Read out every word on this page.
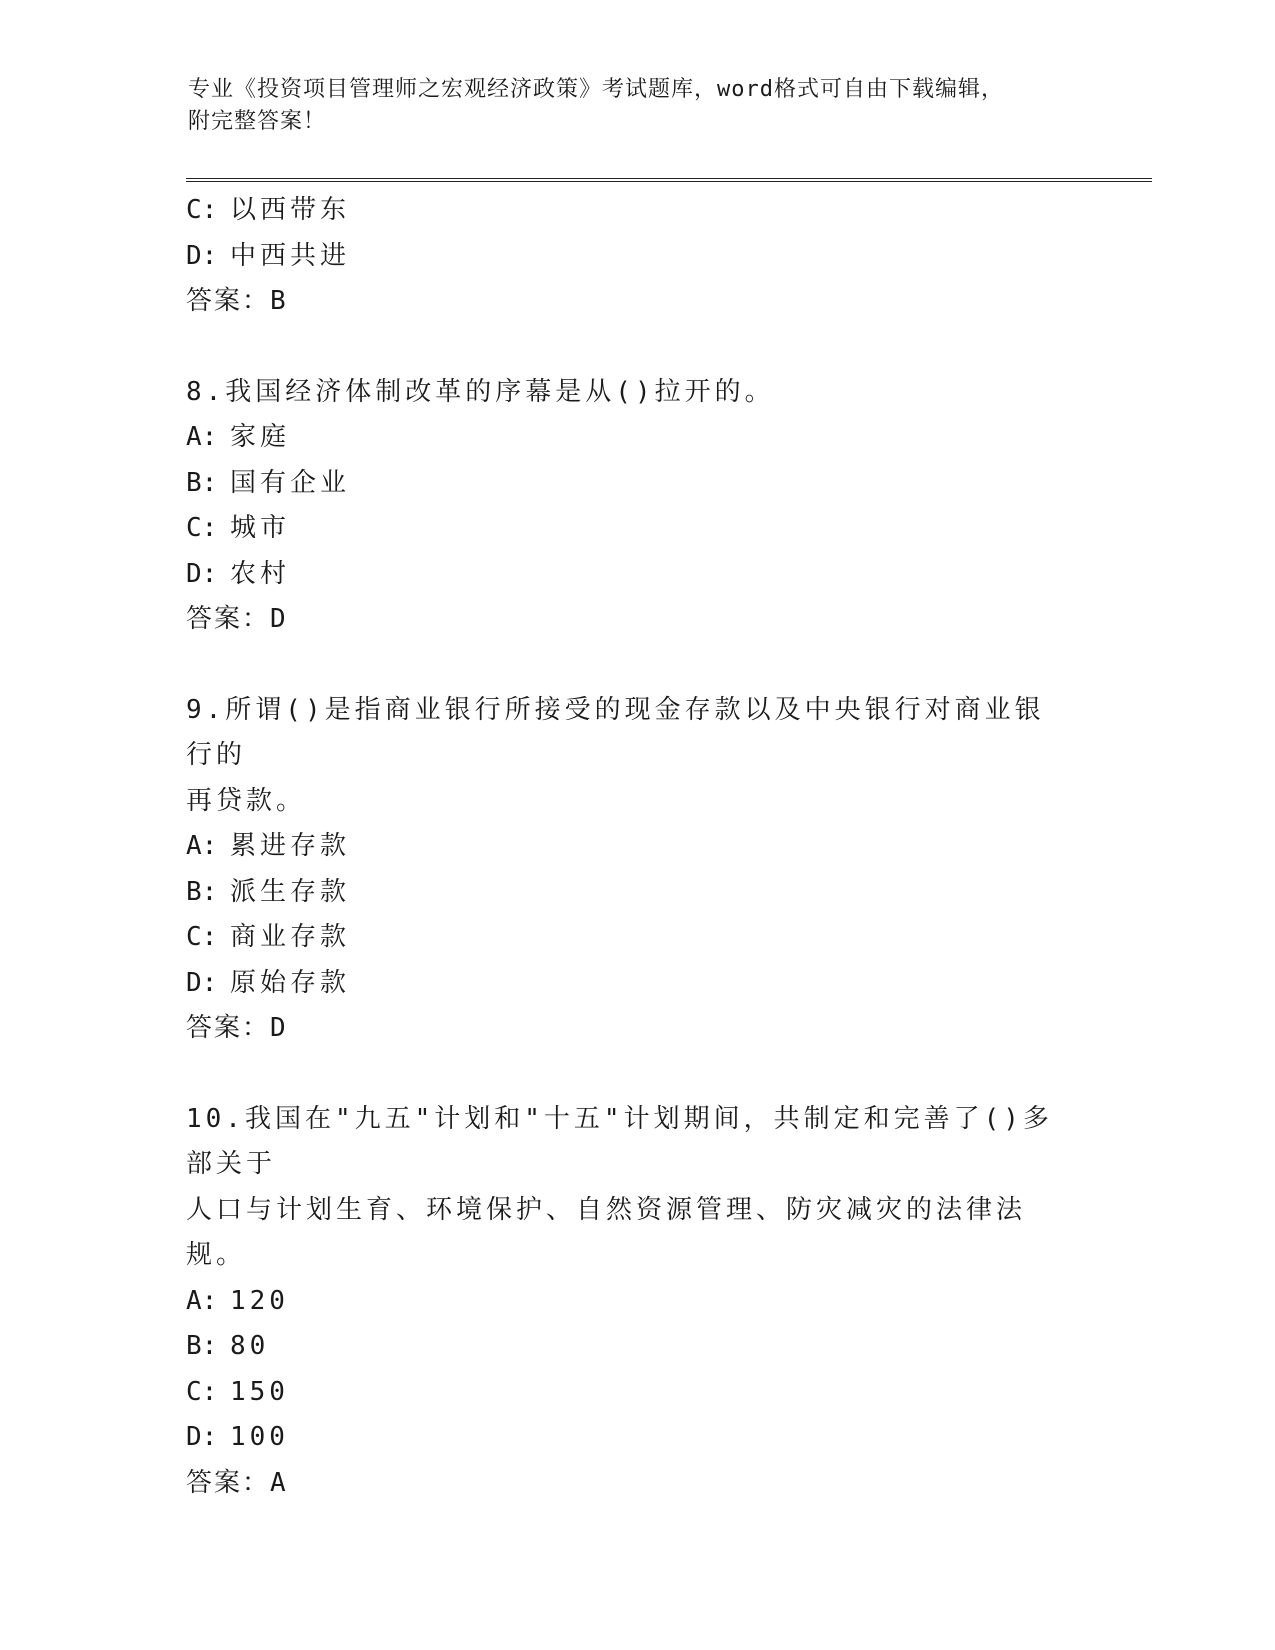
专业《投资项目管理师之宏观经济政策》考试题库，word格式可自由下载编辑，
附完整答案！
C: 以西带东
D: 中西共进
答案：B
8.我国经济体制改革的序幕是从()拉开的。
A: 家庭
B: 国有企业
C: 城市
D: 农村
答案：D
9.所谓()是指商业银行所接受的现金存款以及中央银行对商业银行的
再贷款。
A: 累进存款
B: 派生存款
C: 商业存款
D: 原始存款
答案：D
10.我国在"九五"计划和"十五"计划期间，共制定和完善了()多部关于
人口与计划生育、环境保护、自然资源管理、防灾减灾的法律法规。
A: 120
B: 80
C: 150
D: 100
答案：A
